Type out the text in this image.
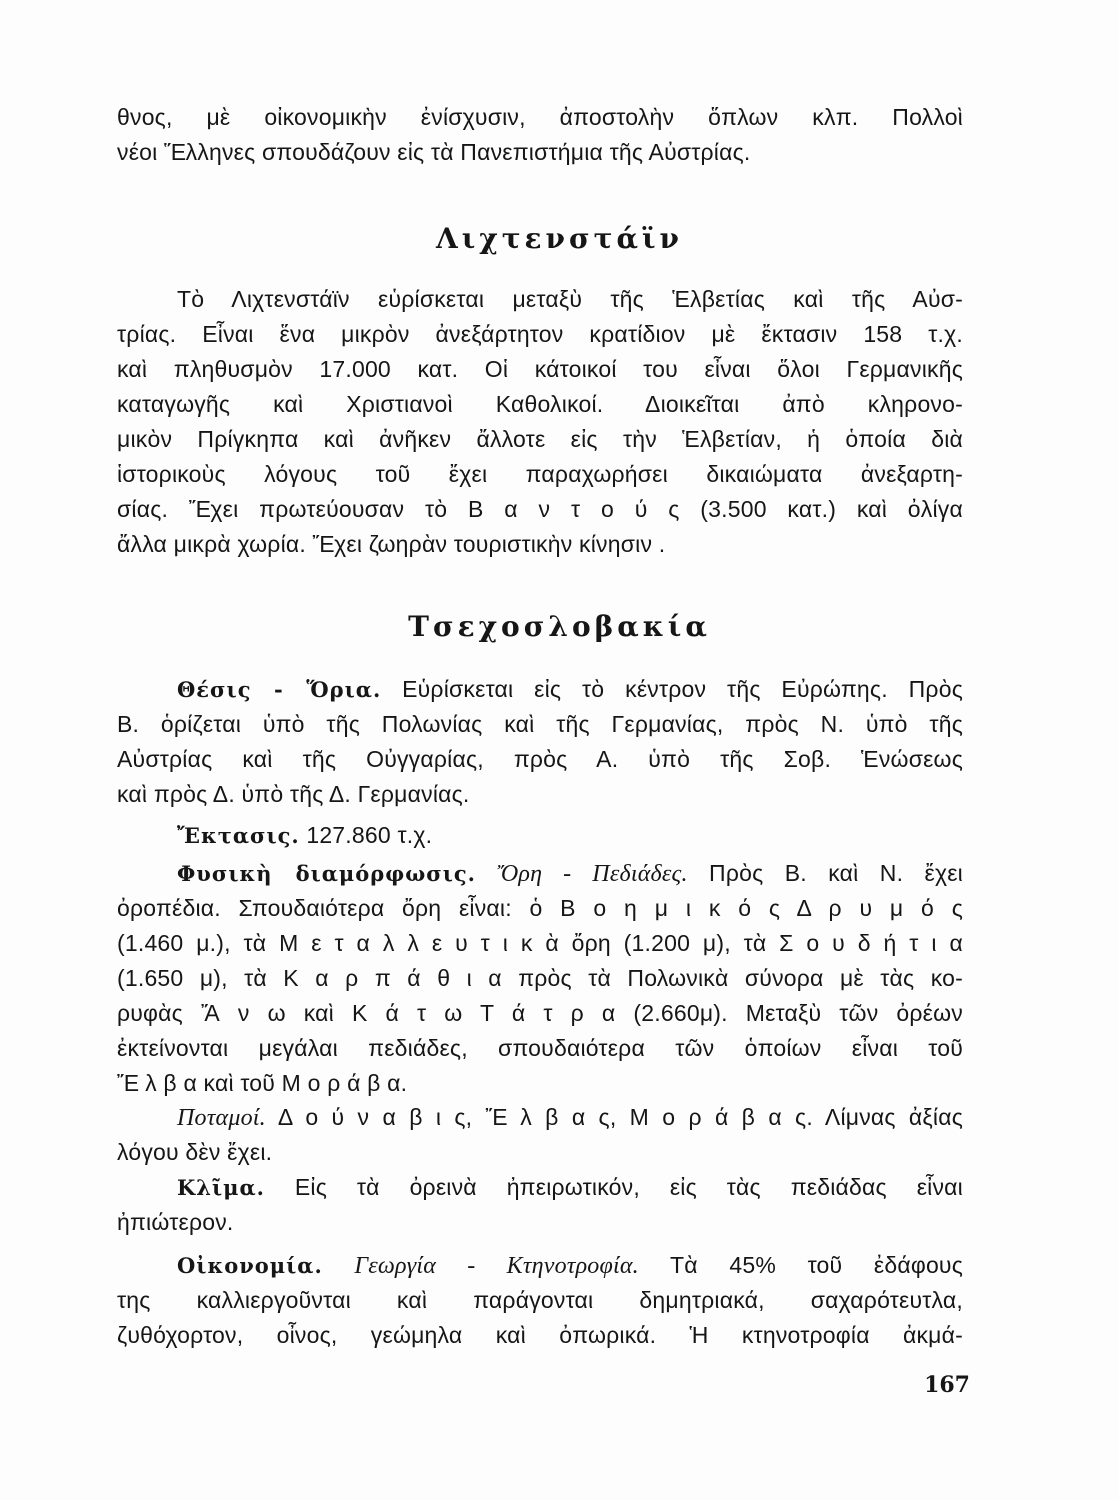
θνος, μὲ οἰκονομικὴν ἐνίσχυσιν, ἀποστολὴν ὅπλων κλπ. Πολλοὶ
νέοι Ἕλληνες σπουδάζουν εἰς τὰ Πανεπιστήμια τῆς Αὐστρίας.
Λιχτενστάϊν
Τὸ Λιχτενστάϊν εὑρίσκεται μεταξὺ τῆς Ἑλβετίας καὶ τῆς Αὐσ-
τρίας. Εἶναι ἕνα μικρὸν ἀνεξάρτητον κρατίδιον μὲ ἔκτασιν 158 τ.χ.
καὶ πληθυσμὸν 17.000 κατ. Οἱ κάτοικοί του εἶναι ὅλοι Γερμανικῆς
καταγωγῆς καὶ Χριστιανοὶ Καθολικοί. Διοικεῖται ἀπὸ κληρονο-
μικὸν Πρίγκηπα καὶ ἀνῆκεν ἄλλοτε εἰς τὴν Ἑλβετίαν, ἡ ὁποία διὰ
ἱστορικοὺς λόγους τοῦ ἔχει παραχωρήσει δικαιώματα ἀνεξαρτη-
σίας. Ἔχει πρωτεύουσαν τὸ Β α ν τ ο ύ ς (3.500 κατ.) καὶ ὀλίγα
ἄλλα μικρὰ χωρία. Ἔχει ζωηρὰν τουριστικὴν κίνησιν .
Τσεχοσλοβακία
Θέσις - Ὅρια. Εὑρίσκεται εἰς τὸ κέντρον τῆς Εὐρώπης. Πρὸς
Β. ὁρίζεται ὑπὸ τῆς Πολωνίας καὶ τῆς Γερμανίας, πρὸς Ν. ὑπὸ τῆς
Αὐστρίας καὶ τῆς Οὐγγαρίας, πρὸς Α. ὑπὸ τῆς Σοβ. Ἑνώσεως
καὶ πρὸς Δ. ὑπὸ τῆς Δ. Γερμανίας.
Ἔκτασις. 127.860 τ.χ.
Φυσικὴ διαμόρφωσις. Ὄρη - Πεδιάδες. Πρὸς Β. καὶ Ν. ἔχει
ὀροπέδια. Σπουδαιότερα ὄρη εἶναι: ὁ Β ο η μ ι κ ό ς Δ ρ υ μ ό ς
(1.460 μ.), τὰ Μ ε τ α λ λ ε υ τ ι κ ὰ ὄρη (1.200 μ), τὰ Σ ο υ δ ή τ ι α
(1.650 μ), τὰ Κ α ρ π ά θ ι α πρὸς τὰ Πολωνικὰ σύνορα μὲ τὰς κο-
ρυφὰς Ἄ ν ω καὶ Κ ά τ ω Τ ά τ ρ α (2.660μ). Μεταξὺ τῶν ὀρέων
ἐκτείνονται μεγάλαι πεδιάδες, σπουδαιότερα τῶν ὁποίων εἶναι τοῦ
Ἔ λ β α καὶ τοῦ Μ ο ρ ά β α.
Ποταμοί. Δ ο ύ ν α β ι ς, Ἔ λ β α ς, Μ ο ρ ά β α ς. Λίμνας ἀξίας
λόγου δὲν ἔχει.
Κλῖμα. Εἰς τὰ ὀρεινὰ ἠπειρωτικόν, εἰς τὰς πεδιάδας εἶναι
ἠπιώτερον.
Οἰκονομία. Γεωργία - Κτηνοτροφία. Τὰ 45% τοῦ ἐδάφους
της καλλιεργοῦνται καὶ παράγονται δημητριακά, σαχαρότευτλα,
ζυθόχορτον, οἶνος, γεώμηλα καὶ ὀπωρικά. Ἡ κτηνοτροφία ἀκμά-
167
